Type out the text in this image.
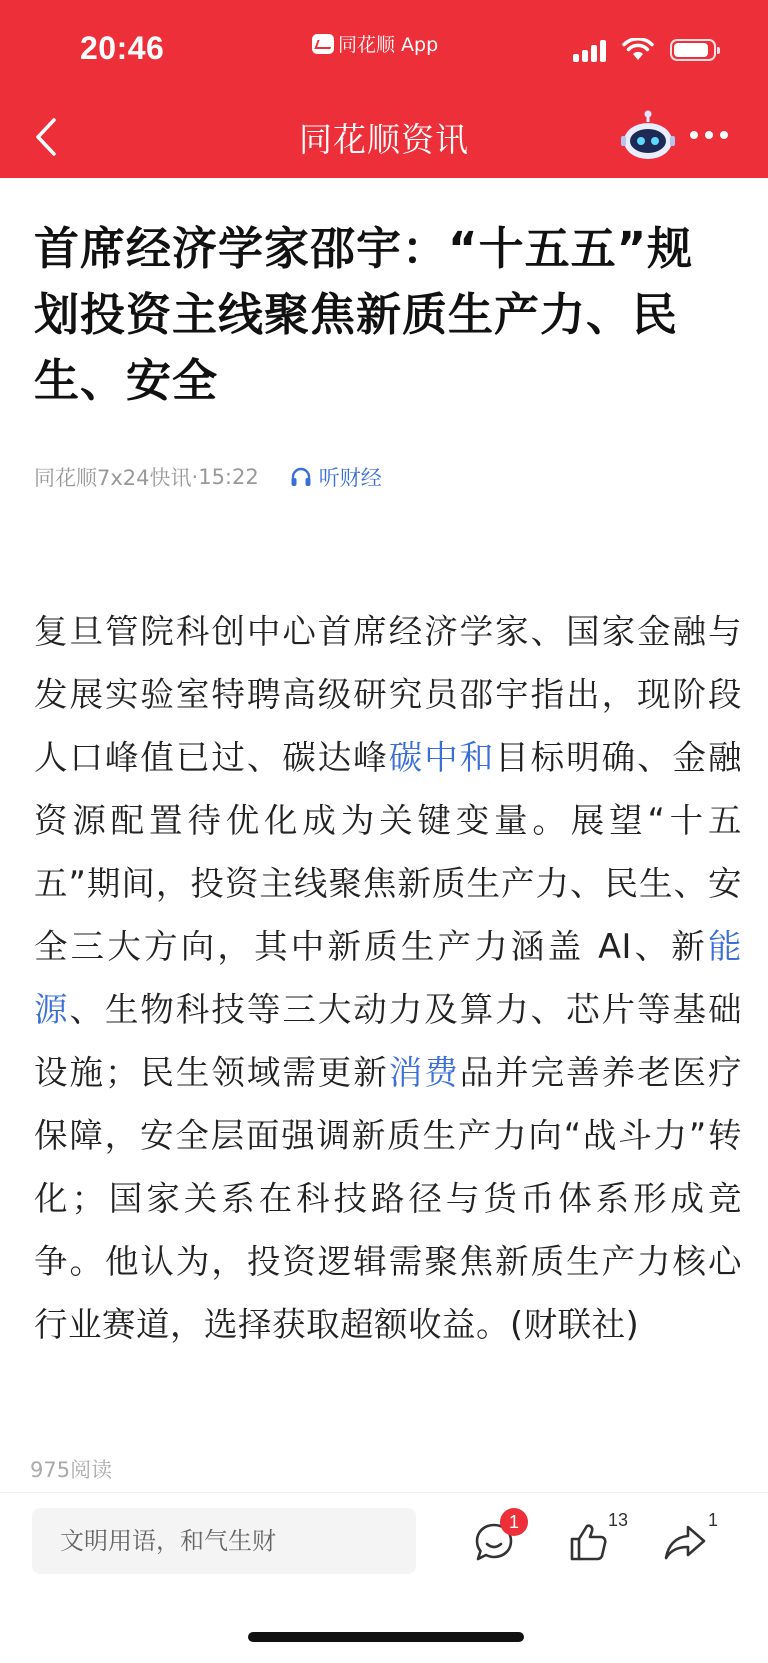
20:46	同花顺 App
同花顺资讯
首席经济学家邵宇：“十五五”规划投资主线聚焦新质生产力、民生、安全
同花顺7x24快讯 · 15:22	听财经

复旦管院科创中心首席经济学家、国家金融与发展实验室特聘高级研究员邵宇指出，现阶段人口峰值已过、碳达峰碳中和目标明确、金融资源配置待优化成为关键变量。展望“十五五”期间，投资主线聚焦新质生产力、民生、安全三大方向，其中新质生产力涵盖 AI、新能源、生物科技等三大动力及算力、芯片等基础设施；民生领域需更新消费品并完善养老医疗保障，安全层面强调新质生产力向“战斗力”转化；国家关系在科技路径与货币体系形成竞争。他认为，投资逻辑需聚焦新质生产力核心行业赛道，选择获取超额收益。(财联社)

975阅读
文明用语，和气生财
1	13	1
